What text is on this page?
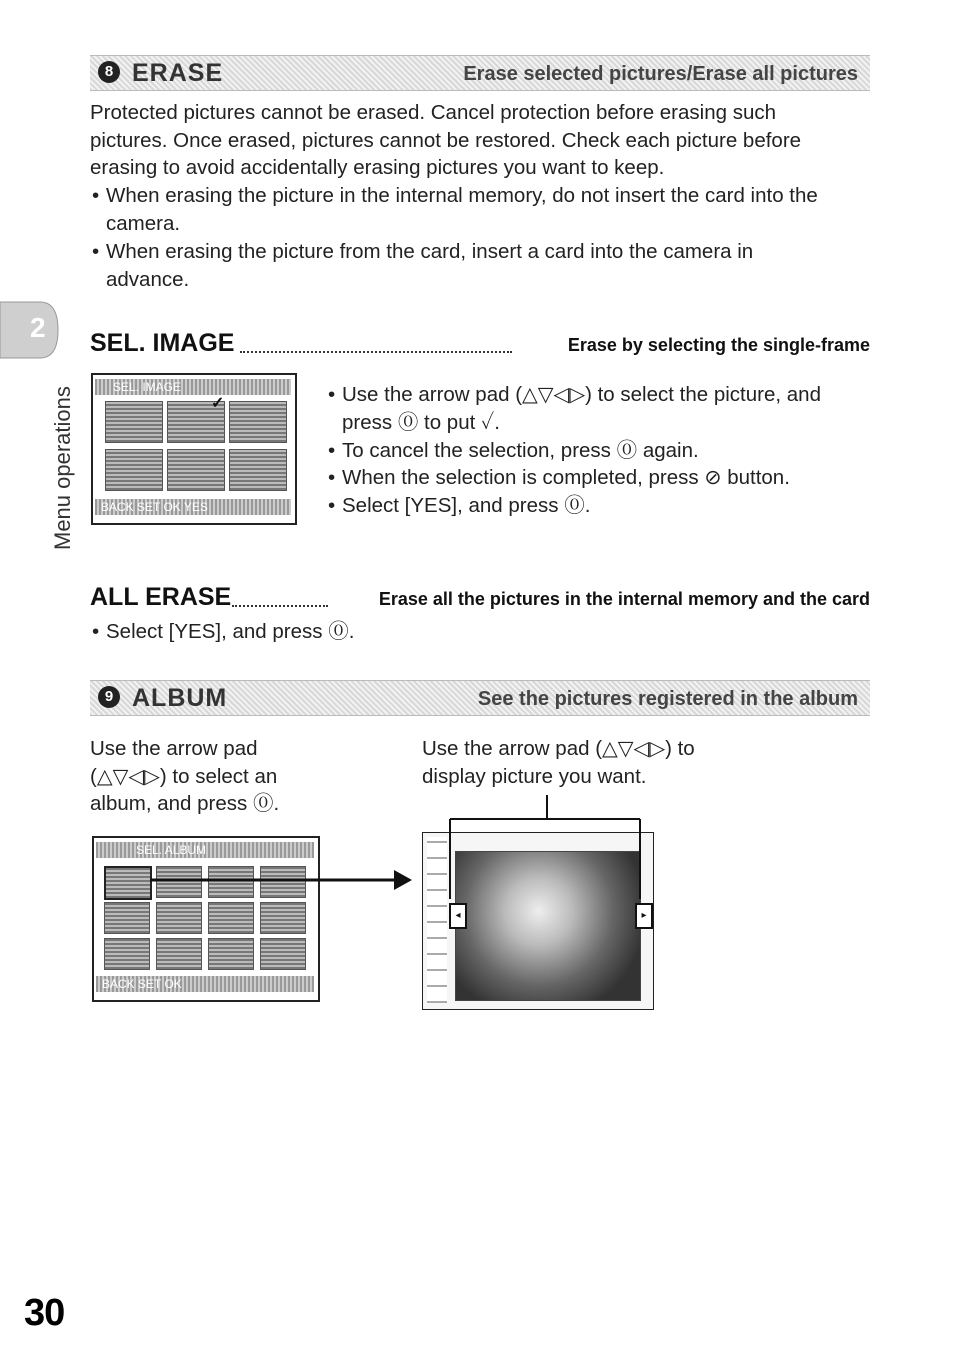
2
Menu operations
8 ERASE	Erase selected pictures/Erase all pictures
Protected pictures cannot be erased. Cancel protection before erasing such
pictures. Once erased, pictures cannot be restored. Check each picture before
erasing to avoid accidentally erasing pictures you want to keep.
• When erasing the picture in the internal memory, do not insert the card into the
camera.
• When erasing the picture from the card, insert a card into the camera in
advance.
SEL. IMAGE	Erase by selecting the single-frame
SEL. IMAGE
✓
BACK SET OK YES
• Use the arrow pad (△▽◁▷) to select the picture, and
press ⓪ to put ✓.
• To cancel the selection, press ⓪ again.
• When the selection is completed, press ⊘ button.
• Select [YES], and press ⓪.
ALL ERASE	Erase all the pictures in the internal memory and the card
• Select [YES], and press ⓪.
9 ALBUM	See the pictures registered in the album
Use the arrow pad
(△▽◁▷) to select an
album, and press ⓪.
Use the arrow pad (△▽◁▷) to
display picture you want.
SEL. ALBUM
BACK SET OK
◂	▸
30
